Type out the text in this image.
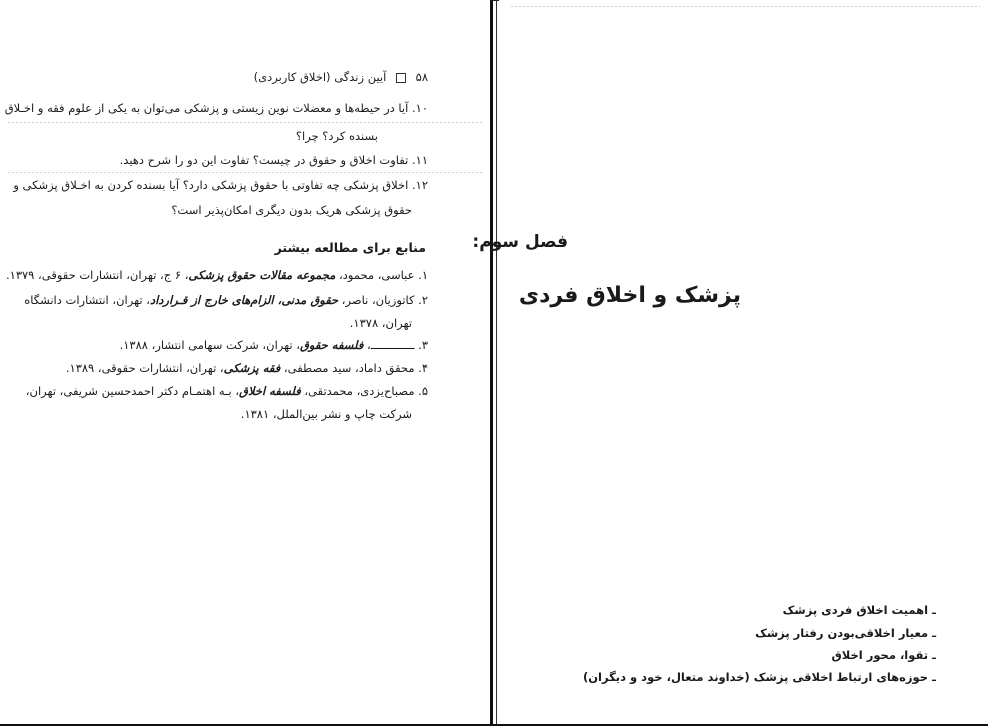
۵۸  آیین زندگی (اخلاق کاربردی)
۱۰. آیا در حیطه‌ها و معضلات نوین زیستی و پزشکی می‌توان به یکی از علوم فقه و اخـلاق
بسنده کرد؟ چرا؟
۱۱. تفاوت اخلاق و حقوق در چیست؟ تفاوت این دو را شرح دهید.
۱۲. اخلاق پزشکی چه تفاوتی با حقوق پزشکی دارد؟ آیا بسنده کردن به اخـلاق پزشکی و
حقوق پزشکی هریک بدون دیگری امکان‌پذیر است؟
منابع برای مطالعه بیشتر
۱. عباسی، محمود، مجموعه مقالات حقوق پزشکی، ۶ ج، تهران، انتشارات حقوقی، ۱۳۷۹.
۲. کاتوزیان، ناصر، حقوق مدنی، الزام‌های خارج از قـرارداد، تهران، انتشارات دانشگاه
تهران، ۱۳۷۸.
۳. ـــــــــــــ، فلسفه حقوق، تهران، شرکت سهامی انتشار، ۱۳۸۸.
۴. محقق داماد، سید مصطفی، فقه پزشکی، تهران، انتشارات حقوقی، ۱۳۸۹.
۵. مصباح‌یزدی، محمدتقی، فلسفه اخلاق، بـه اهتمـام دکتر احمدحسین شریفی، تهران،
شرکت چاپ و نشر بین‌الملل، ۱۳۸۱.
فصل سوم:
پزشک و اخلاق فردی
ـ اهمیت اخلاق فردی پزشک
ـ معیار اخلاقی‌بودن رفتار پزشک
ـ تقوا، محور اخلاق
ـ حوزه‌های ارتباط اخلاقی پزشک (خداوند متعال، خود و دیگران)
